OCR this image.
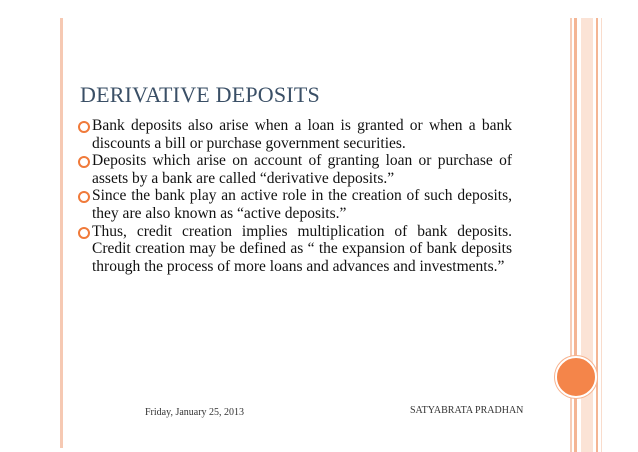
DERIVATIVE DEPOSITS
Bank deposits also arise when a loan is granted or when a bank discounts a bill or purchase government securities.
Deposits which arise on account of granting loan or purchase of assets by a bank are called “derivative deposits.”
Since the bank play an active role in the creation of such deposits, they are also known as “active deposits.”
Thus, credit creation implies multiplication of bank deposits. Credit creation may be defined as “ the expansion of bank deposits through the process of more loans and advances and investments.”
Friday, January 25, 2013	SATYABRATA PRADHAN
